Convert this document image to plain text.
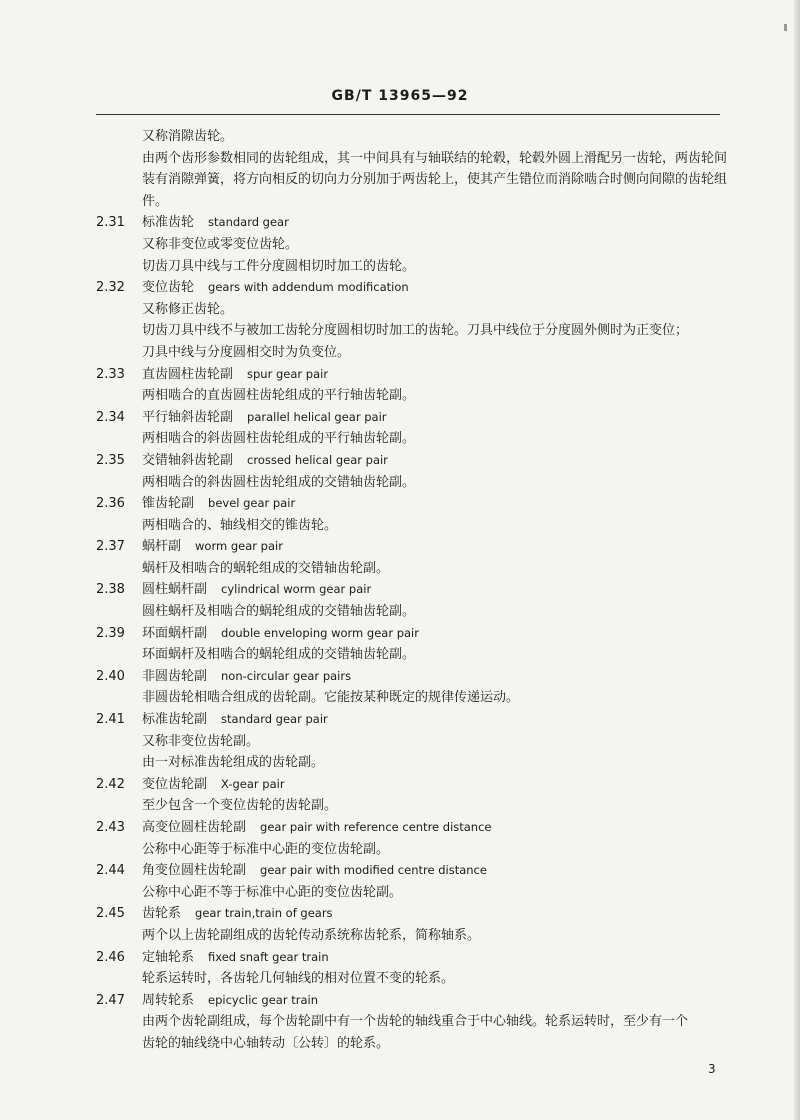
GB/T 13965—92
又称消隙齿轮。
由两个齿形参数相同的齿轮组成，其一中间具有与轴联结的轮毂，轮毂外圆上滑配另一齿轮，两齿轮间装有消隙弹簧，将方向相反的切向力分别加于两齿轮上，使其产生错位而消除啮合时侧向间隙的齿轮组件。
2.31 标准齿轮 standard gear
又称非变位或零变位齿轮。
切齿刀具中线与工件分度圆相切时加工的齿轮。
2.32 变位齿轮 gears with addendum modification
又称修正齿轮。
切齿刀具中线不与被加工齿轮分度圆相切时加工的齿轮。刀具中线位于分度圆外侧时为正变位；
刀具中线与分度圆相交时为负变位。
2.33 直齿圆柱齿轮副 spur gear pair
两相啮合的直齿圆柱齿轮组成的平行轴齿轮副。
2.34 平行轴斜齿轮副 parallel helical gear pair
两相啮合的斜齿圆柱齿轮组成的平行轴齿轮副。
2.35 交错轴斜齿轮副 crossed helical gear pair
两相啮合的斜齿圆柱齿轮组成的交错轴齿轮副。
2.36 锥齿轮副 bevel gear pair
两相啮合的、轴线相交的锥齿轮。
2.37 蜗杆副 worm gear pair
蜗杆及相啮合的蜗轮组成的交错轴齿轮副。
2.38 圆柱蜗杆副 cylindrical worm gear pair
圆柱蜗杆及相啮合的蜗轮组成的交错轴齿轮副。
2.39 环面蜗杆副 double enveloping worm gear pair
环面蜗杆及相啮合的蜗轮组成的交错轴齿轮副。
2.40 非圆齿轮副 non-circular gear pairs
非圆齿轮相啮合组成的齿轮副。它能按某种既定的规律传递运动。
2.41 标准齿轮副 standard gear pair
又称非变位齿轮副。
由一对标准齿轮组成的齿轮副。
2.42 变位齿轮副 X-gear pair
至少包含一个变位齿轮的齿轮副。
2.43 高变位圆柱齿轮副 gear pair with reference centre distance
公称中心距等于标准中心距的变位齿轮副。
2.44 角变位圆柱齿轮副 gear pair with modified centre distance
公称中心距不等于标准中心距的变位齿轮副。
2.45 齿轮系 gear train,train of gears
两个以上齿轮副组成的齿轮传动系统称齿轮系，简称轴系。
2.46 定轴轮系 fixed snaft gear train
轮系运转时，各齿轮几何轴线的相对位置不变的轮系。
2.47 周转轮系 epicyclic gear train
由两个齿轮副组成，每个齿轮副中有一个齿轮的轴线重合于中心轴线。轮系运转时，至少有一个
齿轮的轴线绕中心轴转动〔公转〕的轮系。
3
